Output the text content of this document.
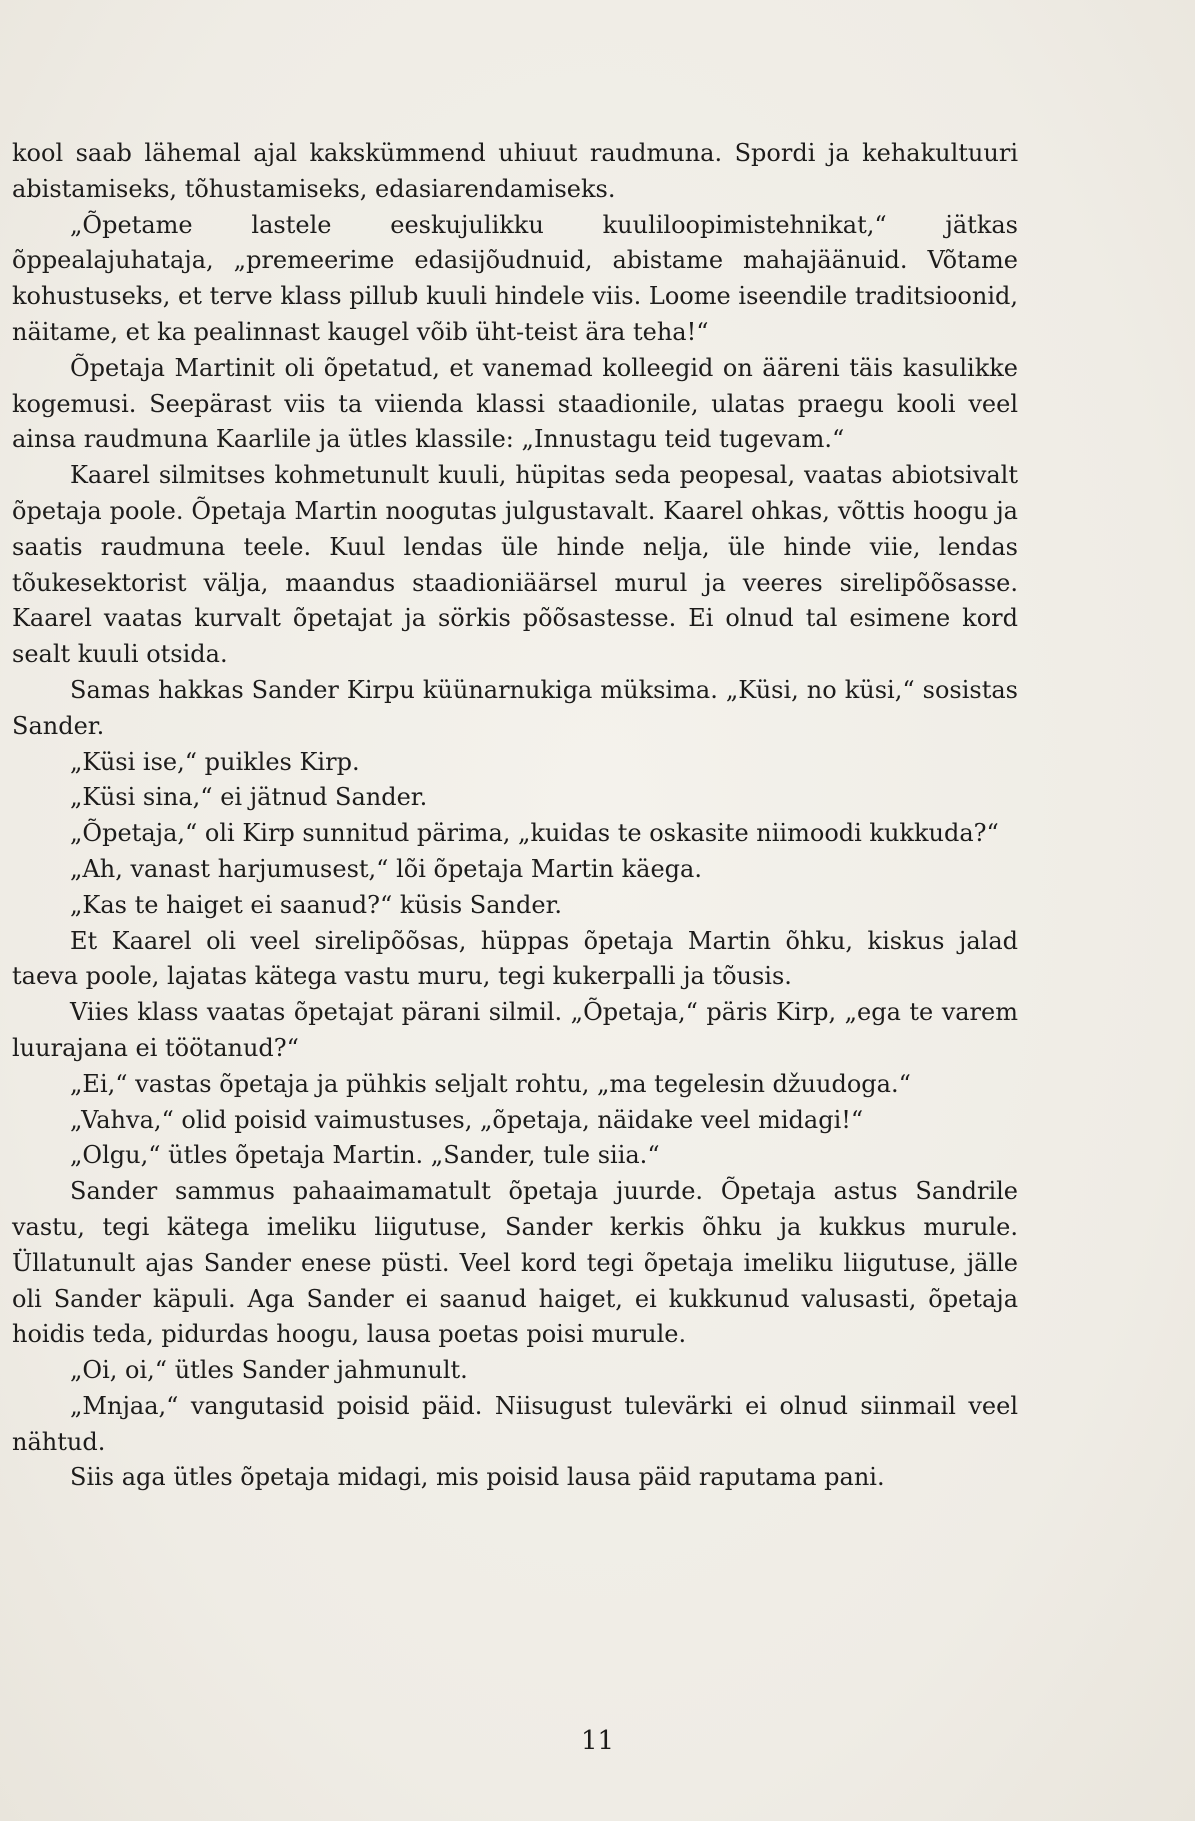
kool saab lähemal ajal kakskümmend uhiuut raudmuna. Spordi ja kehakultuuri abistamiseks, tõhustamiseks, edasiarendamiseks.

„Õpetame lastele eeskujulikku kuuliloopimistehnikat,“ jätkas õppealajuhataja, „premeerime edasijõudnuid, abistame mahajäänuid. Võtame kohustuseks, et terve klass pillub kuuli hindele viis. Loome iseendile traditsioonid, näitame, et ka pealinnast kaugel võib üht-teist ära teha!“

Õpetaja Martinit oli õpetatud, et vanemad kolleegid on ääreni täis kasulikke kogemusi. Seepärast viis ta viienda klassi staadionile, ulatas praegu kooli veel ainsa raudmuna Kaarlile ja ütles klassile: „Innustagu teid tugevam.“

Kaarel silmitses kohmetunult kuuli, hüpitas seda peopesal, vaatas abiotsivalt õpetaja poole. Õpetaja Martin noogutas julgustavalt. Kaarel ohkas, võttis hoogu ja saatis raudmuna teele. Kuul lendas üle hinde nelja, üle hinde viie, lendas tõukesektorist välja, maandus staadioniäärsel murul ja veeres sirelipõõsasse. Kaarel vaatas kurvalt õpetajat ja sörkis põõsastesse. Ei olnud tal esimene kord sealt kuuli otsida.

Samas hakkas Sander Kirpu küünarnukiga müksima. „Küsi, no küsi,“ sosistas Sander.

„Küsi ise,“ puikles Kirp.

„Küsi sina,“ ei jätnud Sander.

„Õpetaja,“ oli Kirp sunnitud pärima, „kuidas te oskasite niimoodi kukkuda?“

„Ah, vanast harjumusest,“ lõi õpetaja Martin käega.

„Kas te haiget ei saanud?“ küsis Sander.

Et Kaarel oli veel sirelipõõsas, hüppas õpetaja Martin õhku, kiskus jalad taeva poole, lajatas kätega vastu muru, tegi kukerpalli ja tõusis.

Viies klass vaatas õpetajat pärani silmil. „Õpetaja,“ päris Kirp, „ega te varem luurajana ei töötanud?“

„Ei,“ vastas õpetaja ja pühkis seljalt rohtu, „ma tegelesin džuudoga.“

„Vahva,“ olid poisid vaimustuses, „õpetaja, näidake veel midagi!“

„Olgu,“ ütles õpetaja Martin. „Sander, tule siia.“

Sander sammus pahaaimamatult õpetaja juurde. Õpetaja astus Sandrile vastu, tegi kätega imeliku liigutuse, Sander kerkis õhku ja kukkus murule. Üllatunult ajas Sander enese püsti. Veel kord tegi õpetaja imeliku liigutuse, jälle oli Sander käpuli. Aga Sander ei saanud haiget, ei kukkunud valusasti, õpetaja hoidis teda, pidurdas hoogu, lausa poetas poisi murule.

„Oi, oi,“ ütles Sander jahmunult.

„Mnjaa,“ vangutasid poisid päid. Niisugust tulevärki ei olnud siinmail veel nähtud.

Siis aga ütles õpetaja midagi, mis poisid lausa päid raputama pani.

11
